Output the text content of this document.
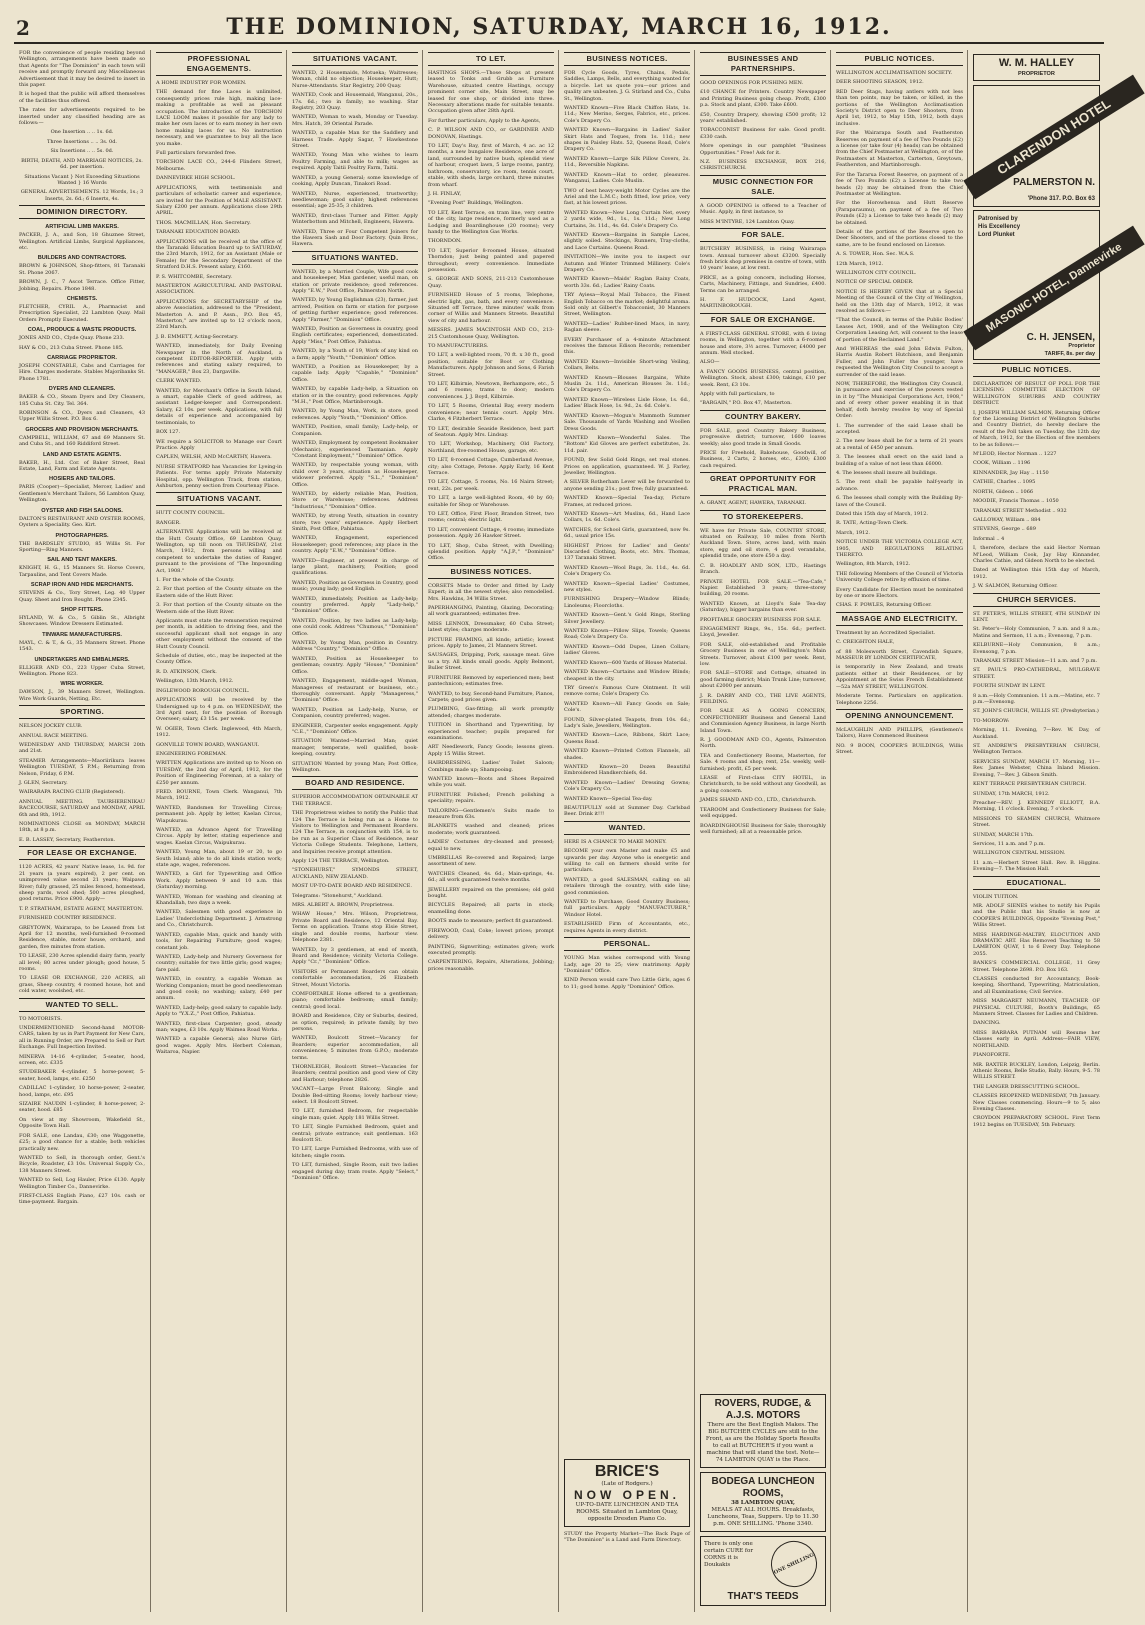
2	THE DOMINION, SATURDAY, MARCH 16, 1912.
FOR the convenience of people residing beyond Wellington, arrangements have been made so that Agents for "The Dominion" in each town will receive and promptly forward any Miscellaneous Advertisement that it may be desired to insert in this paper.
It is hoped that the public will afford themselves of the facilities thus offered.
The rates for advertisements required to be inserted under any classified heading are as follows:—
One Insertion .. .. 1s. 6d.
Three Insertions .. .. 3s. 0d.
Six Insertions .. .. 5s. 0d.
BIRTH, DEATH, AND MARRIAGE NOTICES, 2s. 6d. per insertion.
Situations Vacant } Not Exceeding Situations Wanted } 16 Words
GENERAL ADVERTISEMENTS. 12 Words, 1s.; 3 Inserts, 2s. 6d.; 6 Inserts, 4s.
DOMINION DIRECTORY.
ARTIFICIAL LIMB MAKERS.
PACKER, J. A., and Son, 18 Ghuznee Street, Wellington. Artificial Limbs, Surgical Appliances, etc.
BUILDERS AND CONTRACTORS.
BROWN & JOHNSON, Shop-fitters, 81 Taranaki St. Phone 2067.
BROWN, J. C., 7 Ascot Terrace. Office Fitter, Jobbing, Repairs. Phone 1848.
CHEMISTS.
FLETCHER, CYRIL A., Pharmacist and Prescription Specialist, 22 Lambton Quay. Mail Orders Promptly Executed.
COAL, PRODUCE & WASTE PRODUCTS.
JONES AND CO., Clyde Quay. Phone 233.
HAY & CO., 213 Cuba Street. Phone 185.
CARRIAGE PROPRIETOR.
JOSEPH CONSTABLE, Cabs and Carriages for Hire. Charges moderate. Stables Majoribanks St. Phone 1781.
DYERS AND CLEANERS.
BAKER & CO., Steam Dyers and Dry Cleaners, 185 Cuba St. City. Tel. 364.
ROBINSON & CO., Dyers and Cleaners, 43 Upper Willis Street. P.O. Box 6.
GROCERS AND PROVISION MERCHANTS.
CAMPBELL, WILLIAM, 67 and 69 Manners St. and Cuba St., and 160 Riddiford Street.
LAND AND ESTATE AGENTS.
BAKER, H., Ltd. Cor. of Baker Street, Real Estate, Land, Farm and Estate Agents.
HOSIERS AND TAILORS.
PARIS (Cooper)—Specialist, Mercer, Ladies' and Gentlemen's Merchant Tailors, 56 Lambton Quay, Wellington.
OYSTER AND FISH SALOONS.
DALTON'S RESTAURANT AND OYSTER ROOMS, Oysters a Speciality. Geo. Kirt.
PHOTOGRAPHERS.
THE BARDSLEY STUDIO, 85 Willis St. For Sporting—Ring Manners.
SAIL AND TENT MAKERS.
KNIGHT, H. G., 15 Manners St. Horse Covers, Tarpaulins, and Tent Covers Made.
SCRAP IRON AND HIDE MERCHANTS.
STEVENS & Co., Tory Street, Leg. 40 Upper Quay. Sheet and Iron Bought. Phone 2345.
SHOP FITTERS.
HYLAND, W. & Co., 5 Giblin St., Albright Showcases. Window Dressers Estimated.
TINWARE MANUFACTURERS.
MAYL, C. & T., & G., 35 Manners Street. Phone 1543.
UNDERTAKERS AND EMBALMERS.
ELLIGER AND CO., 223 Upper Cuba Street, Wellington. Phone 823.
WIRE WORKER.
DAWSON, J., 39 Manners Street, Wellington. Wire Work Guards, Netting, Etc.
SPORTING.
NELSON JOCKEY CLUB.
ANNUAL RACE MEETING.
WEDNESDAY AND THURSDAY, MARCH 20th and 21st.
STEAMER Arrangements—Maoriirikura leaves Wellington TUESDAY, 5 P.M.; Returning from Nelson, Friday, 6 P.M.
J. GLEN, Secretary.
WAIRARAPA RACING CLUB (Registered).
ANNUAL MEETING. TAURHERENIKAU RACECOURSE, SATURDAY and MONDAY, APRIL 6th and 8th, 1912.
NOMINATIONS CLOSE on MONDAY, MARCH 18th, at 8 p.m.
E. B. LASSEY, Secretary, Featherston.
FOR LEASE OR EXCHANGE.
1120 ACRES, 42 years' Native lease, 1s. 9d. for 21 years (a years expired), 2 per cent. on unimproved value second 21 years; Waipawa River; fully grassed, 25 miles fenced, homestead, sheep yards, wool shed; 500 acres ploughed, good returns. Price £900. Apply—
T. P. STRATHAM, ESTATE AGENT, MASTERTON.
FURNISHED COUNTRY RESIDENCE.
GREYTOWN, Wairarapa, to be Leased from 1st April for 12 months, well-furnished 9-roomed Residence, stable, motor house, orchard, and garden, five minutes from station.
TO LEASE, 230 Acres splendid dairy farm, yearly all level; 80 acres under plough; good house, 5 rooms.
TO LEASE OR EXCHANGE, 220 ACRES, all grass, Sheep country, 4 roomed house, hot and cold water, woolshed, etc.
WANTED TO SELL.
TO MOTORISTS.
UNDERMENTIONED Second-hand MOTOR-CARS, taken by us in Part Payment for New Cars, all in Running Order, are Prepared to Sell or Part Exchange. Full Inspection Invited.
MINERVA 14-16 4-cylinder, 5-seater, hood, screen, etc. £335
STUDEBAKER 4-cylinder, 5 horse-power, 5-seater, hood, lamps, etc. £250
CADILLAC 1-cylinder, 10 horse-power, 2-seater, hood, lamps, etc. £95
SIZAIRE NAUDIN 1-cylinder, 8 horse-power, 2-seater, hood. £85
On view at my Showroom, Wakefield St., Opposite Town Hall.
FOR SALE, one Landau, £30; one Waggonette, £25; a good chance for a stable; both vehicles practically new.
WANTED to Sell, in thorough order, Gent.'s Bicycle, Roadster, £3 10s. Universal Supply Co., 138 Manners Street.
WANTED to Sell, Log Hauler, Price £130. Apply Wellington Timber Co., Dannevirke.
FIRST-CLASS English Piano, £27 10s. cash or time-payment. Bargain.
PROFESSIONAL ENGAGEMENTS.
A HOME INDUSTRY FOR WOMEN.
THE demand for fine Laces is unlimited, consequently prices rule high, making lace-making a profitable as well as pleasant occupation. The introduction of the TORCHON LACE LOOM makes it possible for any lady to make her own laces or to earn money in her own home making laces for us. No instruction necessary, and we guarantee to buy all the lace you make.
Full particulars forwarded free.
TORCHON LACE CO., 244-6 Flinders Street, Melbourne.
DANNEVIRKE HIGH SCHOOL.
APPLICATIONS, with testimonials and particulars of scholastic career and experience, are invited for the Position of MALE ASSISTANT. Salary £200 per annum. Applications close 29th APRIL.
THOS. MACMILLAN, Hon. Secretary.
TARANAKI EDUCATION BOARD.
APPLICATIONS will be received at the office of the Taranaki Education Board up to SATURDAY, the 23rd March, 1912, for an Assistant (Male or Female) for the Secondary Department of the Stratford D.H.S. Present salary, £160.
P. S. WHITCOMBE, Secretary.
MASTERTON AGRICULTURAL AND PASTORAL ASSOCIATION.
APPLICATIONS for SECRETARYSHIP of the above Association, addressed to the "President, Masterton A. and P. Assn., P.O. Box 45, Masterton," are invited up to 12 o'clock noon, 23rd March.
J. B. EMMETT, Acting-Secretary.
WANTED, immediately, for Daily Evening Newspaper in the North of Auckland, a competent EDITOR-REPORTER. Apply with references and stating salary required, to "MANAGER," Box 23, Dargaville.
CLERK WANTED.
WANTED, for Merchant's Office in South Island, a smart, capable Clerk of good address, as assistant Ledger-keeper and Correspondent. Salary, £2 10s. per week. Applications, with full details of experience and accompanied by testimonials, to
BOX 127.
WE require a SOLICITOR to Manage our Court Practice. Apply
CAPLEN, WELSH, AND McCARTHY, Hawera.
NURSE STRATFORD has Vacancies for Lyeing-in Patients. For terms apply Private Maternity Hospital, opp. Wellington Track, from station, Ashburton, penny section from Courtenay Place.
SITUATIONS VACANT.
HUTT COUNTY COUNCIL.
RANGER.
ALTERNATIVE Applications will be received at the Hutt County Office, 69 Lambton Quay, Wellington, up till noon on THURSDAY, 21st March, 1912, from persons willing and competent to undertake the duties of Ranger, pursuant to the provisions of "The Impounding Act, 1908."
1. For the whole of the County.
2. For that portion of the County situate on the Eastern side of the Hutt River.
3. For that portion of the County situate on the Western side of the Hutt River.
Applicants must state the remuneration required per month, in addition to driving fees, and the successful applicant shall not engage in any other employment without the consent of the Hutt County Council.
Schedule of duties, etc., may be inspected at the County Office.
R. D. ATKINSON, Clerk.
Wellington, 13th March, 1912.
INGLEWOOD BOROUGH COUNCIL.
APPLICATIONS will be received by the Undersigned up to 4 p.m. on WEDNESDAY, the 3rd April next, for the position of Borough Overseer; salary, £3 15s. per week.
W. OGIER, Town Clerk. Inglewood, 4th March, 1912.
GONVILLE TOWN BOARD, WANGANUI.
ENGINEERING FOREMAN.
WRITTEN Applications are invited up to Noon on TUESDAY, the 2nd day of April, 1912, for the Position of Engineering Foreman, at a salary of £250 per annum.
FRED. BOURNE, Town Clerk. Wanganui, 7th March, 1912.
WANTED, Bandsmen for Travelling Circus; permanent job. Apply by letter, Kaelan Circus, Wiapukurau.
WANTED, an Advance Agent for Travelling Circus. Apply by letter, stating experience and wages. Kaelan Circus, Waipukurau.
WANTED, Young Man, about 19 or 20, to go South Island; able to do all kinds station work; state age, wages, references.
WANTED, a Girl for Typewriting and Office Work. Apply between 9 and 10 a.m. this (Saturday) morning.
WANTED, Woman for washing and cleaning at Khandallah, two days a week.
WANTED, Salesmen with good experience in Ladies' Underclothing Department. J. Armstrong and Co., Christchurch.
WANTED, capable Man, quick and handy with tools, for Repairing Furniture; good wages; constant job.
WANTED, Lady-help and Nursery Governess for country; suitable for two little girls; good wages; fare paid.
WANTED, in country, a capable Woman as Working Companion; must be good needlewoman and good cook; no washing; salary, £40 per annum.
WANTED, Lady-help; good salary to capable lady. Apply to "Y.X.Z.," Post Office, Pahiatua.
WANTED, first-class Carpenter; good, steady man; wages, £3 10s. Apply Waimea Road Works.
WANTED a capable General; also Nurse Girl; good wages. Apply Mrs. Herbert Coleman, Waitaroa, Napier.
SITUATIONS VACANT.
WANTED, 2 Housemaids, Motueka; Waitresses; Woman, child no objection; Housekeeper, Hutt; Nurse-Attendants. Star Registry, 200 Quay.
WANTED, Cook and Housemaid, Wanganui, 20s., 17s. 6d.; two in family; no washing. Star Registry, 203 Quay.
WANTED, Woman to wash, Monday or Tuesday. Mrs. Hatch, 39 Oriental Parade.
WANTED, a capable Man for the Saddlery and Harness Trade. Apply Sagar, 7 Hawkestone Street.
WANTED, Young Man who wishes to learn Poultry Farming, and able to milk; wages as required. Apply Taitii Poultry Farm, Taitii.
WANTED, a young General; some knowledge of cooking, Apply Duncan, Tinakori Road.
WANTED, Nurse, experienced, trustworthy; needlewoman; good sailor; highest references essential; age 25-35; 3 children.
WANTED, first-class Turner and Fitter. Apply Winterbottom and Mitchell, Engineers, Hawera.
WANTED, Three or Four Competent Joiners for the Hawera Sash and Door Factory. Quin Bros., Hawera.
SITUATIONS WANTED.
WANTED, by a Married Couple, Wife good cook and housekeeper, Man gardener, useful man, on station or private residence; good references. Apply "E.W.," Post Office, Palmerston North.
WANTED, by Young Englishman (23), farmer, just arrived, Position on farm or station for purpose of getting further experience; good references. Apply "Farmer," "Dominion" Office.
WANTED, Position as Governess in country, good English certificates; experienced, domesticated. Apply "Miss," Post Office, Pahiatua.
WANTED, by a Youth of 19, Work of any kind on a farm; apply "Youth," "Dominion" Office.
WANTED, a Position as Housekeeper, by a capable lady. Apply "Capable," "Dominion" Office.
WANTED, by capable Lady-help, a Situation on station or in the country; good references. Apply "M.H.," Post Office, Martinborough.
WANTED, by Young Man, Work, in store, good references. Apply "Youth," "Dominion" Office.
WANTED, Position, small family; Lady-help, or Companion.
WANTED, Employment by competent Bookmaker (Mechanic), experienced Tasmanian. Apply "Constant Employment," "Dominion" Office.
WANTED, by respectable young woman, with child over 3 years, situation as Housekeeper, widower preferred. Apply "S.L.," "Dominion" Office.
WANTED, by elderly reliable Man, Position, Store or Warehouse; references. Address "Industrious," "Dominion" Office.
WANTED, by strong Youth, situation in country store; two years' experience. Apply Herbert Smith, Post Office, Pahiatua.
WANTED, Engagement, experienced Housekeeper; good references; any place in the country. Apply "E.W.," "Dominion" Office.
WANTED—Engineer, at present in charge of large plant, machinery, Position; good qualifications.
WANTED, Position as Governess in Country, good music; young lady; good English.
WANTED, immediately, Position as Lady-help; country preferred. Apply "Lady-help," "Dominion" Office.
WANTED, Position, by two ladies as Lady-help; one could cook. Address "Chumous," "Dominion" Office.
WANTED, by Young Man, position in Country. Address "Country," "Dominion" Office.
WANTED, Position as Housekeeper to gentleman; country. Apply "House," "Dominion" Office.
WANTED, Engagement, middle-aged Woman, Manageress of restaurant or business, etc.; thoroughly conversant. Apply "Manageress," "Dominion" Office.
WANTED, Position as Lady-help, Nurse, or Companion, country preferred; wages.
ENGINEER, Carpenter seeks engagement. Apply "C.E.," "Dominion" Office.
SITUATION Wanted—Married Man; quiet manager, temperate, well qualified, book-keeping, country.
SITUATION Wanted by young Man; Post Office, Wellington.
BOARD AND RESIDENCE.
SUPERIOR ACCOMMODATION OBTAINABLE AT THE TERRACE.
THE Proprietress wishes to notify the Public that 124 The Terrace is being run as a Home to Visitors to Wellington and Permanent Boarders. 124 The Terrace, in conjunction with 154, is to be run as a Superior Class of Residence, near Victoria College Students. Telephone, Letters, and Inquiries receive prompt attention.
Apply 124 THE TERRACE, Wellington.
"STONEHURST," SYMONDS STREET, AUCKLAND, NEW ZEALAND.
MOST UP-TO-DATE BOARD AND RESIDENCE.
Telegrams: "Stonehurst," Auckland.
MRS. ALBERT A. BROWN, Proprietress.
WHAW House," Mrs. Wilson, Proprietress, Private Board and Residence, 12 Oriental Bay. Terms on application. Trams stop Elsie Street, single and double rooms, harbour view. Telephone 2381.
WANTED, by 3 gentlemen, at end of month, Board and Residence; vicinity Victoria College. Apply "Cr.," "Dominion" Office.
VISITORS or Permanent Boarders can obtain comfortable accommodation, 26 Elizabeth Street, Mount Victoria.
COMFORTABLE Home offered to a gentleman; piano; comfortable bedroom; small family; central; good local.
BOARD and Residence, City or Suburbs, desired, as option, required; in private family, by two persons.
WANTED, Boulcott Street—Vacancy for Boarders; superior accommodation, all conveniences; 5 minutes from G.P.O.; moderate terms.
THORNLEIGH, Boulcott Street—Vacancies for Boarders; central position and good view of City and Harbour; telephone 2826.
VACANT—Large Front Balcony, Single and Double Bed-sitting Rooms; lovely harbour view; select. 18 Boulcott Street.
TO LET, furnished Bedroom, for respectable single man; quiet. Apply 181 Willis Street.
TO LET, Single Furnished Bedroom, quiet and central; private entrance; suit gentleman. 163 Boulcott St.
TO LET, Large Furnished Bedrooms, with use of kitchen; single room.
TO LET, furnished, Single Room, suit two ladies engaged during day; tram route. Apply "Select," "Dominion" Office.
TO LET.
HASTINGS SHOPS.—Those Shops at present leased to Tonks and Grubb as Furniture Warehouse, situated centre Hastings, occupy prominent corner site, Main Street, may be leased for one shop, or divided into three. Necessary alterations made for suitable tenants. Occupation given after 28th April.
For further particulars, Apply to the Agents,
C. P. WILSON AND CO., or GARDINER AND DONOVAN, Hastings.
TO LET, Day's Bay, first of March, 4 ac. ac 12 months, a new bungalow Residence, one acre of land, surrounded by native bush, splendid view of harbour, croquet lawn, 5 large rooms, pantry, bathroom, conservatory, ice room, tennis court, stable, with sheds, large orchard, three minutes from wharf.
J. H. FINLAY,
"Evening Post" Buildings, Wellington.
TO LET, Kent Terrace, on tram line, very centre of the city, large residence, formerly used as a Lodging and Boardinghouse (20 rooms); very handy to the Wellington Gas Works.
THORNDON.
TO LET, Superior 8-roomed House, situated Thorndon; just being painted and papered throughout; every convenience. Immediate possession.
S. GEORGE AND SONS, 211-213 Customhouse Quay.
FURNISHED House of 5 rooms, Telephone, electric light, gas, bath, and every convenience. Situated off Terrace, three minutes' walk from corner of Willis and Manners Streets. Beautiful view of city and harbour.
MESSRS. JAMES MACINTOSH AND CO., 213-215 Customhouse Quay, Wellington.
TO MANUFACTURERS.
TO LET, a well-lighted room, 70 ft. x 30 ft., good position, suitable for Boot or Clothing Manufacturers. Apply Johnson and Sons, 6 Farish Street.
TO LET, Kilbirnie, Newtown, Berhampore, etc., 5 and 6 rooms; trams to door; modern conveniences. J. J. Boyd, Kilbirnie.
TO LET, 5 Rooms, Oriental Bay, every modern convenience; near tennis court. Apply Mrs. Clarke, 4 Fitzherbert Terrace.
TO LET, desirable Seaside Residence, best part of Seatoun. Apply Mrs. Lindsay.
TO LET, Workshop, Machinery, Old Factory, Northland, five-roomed House, garage, etc.
TO LET, 8-roomed Cottage, Cumberland Avenue, city; also Cottage, Petone. Apply Early, 16 Kent Terrace.
TO LET, Cottage, 5 rooms, No. 16 Nairn Street; rent, 22s. per week.
TO LET, a large well-lighted Room, 40 by 60; suitable for Shop or Warehouse.
TO LET, Office, First Floor, Brandon Street, two rooms; central; electric light.
TO LET, convenient Cottage, 4 rooms; immediate possession. Apply 26 Hawker Street.
TO LET, Shop, Cuba Street, with Dwelling; splendid position. Apply "A.J.P.," "Dominion" Office.
BUSINESS NOTICES.
CORSETS Made to Order and fitted by Lady Expert; in all the newest styles; also remodelled. Mrs. Hawkins, 34 Willis Street.
PAPERHANGING, Painting, Glazing, Decorating; all work guaranteed; estimates free.
MISS LENNOX, Dressmaker, 60 Cuba Street; latest styles; charges moderate.
PICTURE FRAMING, all kinds; artistic; lowest prices. Apply to James, 21 Manners Street.
SAUSAGES, Dripping, Pork, sausage meat. Give us a try. All kinds small goods. Apply Belmont, Buller Street.
FURNITURE Removed by experienced men; best pantechnicon; estimates free.
WANTED, to buy, Second-hand Furniture, Pianos, Carpets; good prices given.
PLUMBING, Gas-fitting; all work promptly attended; charges moderate.
TUITION in Shorthand and Typewriting, by experienced teacher; pupils prepared for examinations.
ART Needlework, Fancy Goods; lessons given. Apply 15 Willis Street.
HAIRDRESSING, Ladies' Toilet Saloon; Combings made up; Shampooing.
WANTED known—Boots and Shoes Repaired while you wait.
FURNITURE Polished; French polishing a speciality; repairs.
TAILORING—Gentlemen's Suits made to measure from 63s.
BLANKETS washed and cleaned; prices moderate; work guaranteed.
LADIES' Costumes dry-cleaned and pressed; equal to new.
UMBRELLAS Re-covered and Repaired; large assortment of new.
WATCHES Cleaned, 4s. 6d.; Main-springs, 4s. 6d.; all work guaranteed twelve months.
JEWELLERY repaired on the premises; old gold bought.
BICYCLES Repaired; all parts in stock; enamelling done.
BOOTS made to measure; perfect fit guaranteed.
FIREWOOD, Coal, Coke; lowest prices; prompt delivery.
PAINTING, Signwriting; estimates given; work executed promptly.
CARPENTERING, Repairs, Alterations, Jobbing; prices reasonable.
BUSINESS NOTICES.
FOR Cycle Goods, Tyres, Chains, Pedals, Saddles, Lamps, Bells, and everything wanted for a bicycle. Let us quote you—our prices and quality are unbeaten. J. G. Stirland and Co., Cuba St., Wellington.
WANTED Known—Five Black Chiffon Hats, 1s. 11d.; New Merino, Serges, Fabrics, etc., prices. Cole's Drapery Co.
WANTED Known—Bargains in Ladies' Sailor Skirt Hats and Toques, from 1s. 11d.; new shapes in Paisley Hats. 52, Queens Road, Cole's Drapery Co.
WANTED Known—Large Silk Pillow Covers, 2s. 11d., Reversible Napkins.
WANTED Known—Hat to order, pleasures. Wanganui, Ladies. Colo Muslin.
TWO of best heavy-weight Motor Cycles are the Ariel and the L.M.C.; both fitted, low price, very fast, at his lowest prices.
WANTED Known—New Long Curtain Net, every 2 yards wide, 9d., 1s., 1s. 11d.; New Long Curtains, 3s. 11d., 4s. 6d. Cole's Drapery Co.
WANTED Known—Bargains in Sample Laces, slightly soiled. Stockings, Runners, Tray-cloths, and Lace Curtains. Queens Road.
INVITATION—We invite you to inspect our Autumn and Winter Trimmed Millinery. Cole's Drapery Co.
WANTED Known—Maids' Raglan Rainy Coats, worth 33s. 6d.; Ladies' Rainy Coats.
TRY Ayiesa—Royal Mail Tobacco, the Finest English Tobacco on the market; delightful aroma. Sold only at Gilbert's Tobacconist, 30 Manners Street, Wellington.
WANTED—Ladies' Rubber-lined Macs, in navy, Raglan sleeve.
EVERY Purchaser of a 4-minute Attachment receives the famous Edison Records; remember this.
WANTED Known—Invisible Short-wing Veiling, Collars, Belts.
WANTED Known—Blouses Bargains, White Muslin 2s. 11d., American Blouses 3s. 11d.; Cole's Drapery Co.
WANTED Known—Wireless Lisle Hose, 1s. 6d., Ladies' Black Hose, 1s. 9d., 2s. 6d. Cole's.
WANTED Known—Mogun's Mammoth Summer Sale. Thousands of Yards Washing and Woollen Dress Goods.
WANTED Known—Wonderful Sales. The "Bottom" Kid Gloves are perfect substitutes, 2s. 11d. pair.
FOUND, few Solid Gold Rings, set real stones. Prices on application, guaranteed. W. J. Farley, Jeweller, Wellington.
A SILVER Rotherham Lever will be forwarded to anyone sending 21s.; post free; fully guaranteed.
WANTED Known—Special Tea-day, Picture Frames, at reduced prices.
WANTED Known—Art Muslins, 6d., Hand Lace Collars, 1s. 6d. Cole's.
WATCHES, for School Girls, guaranteed, now 9s. 6d., usual price 15s.
HIGHEST Prices for Ladies' and Gents' Discarded Clothing, Boots, etc. Mrs. Thomas, 137 Taranaki Street.
WANTED Known—Wool Rugs, 3s. 11d., 4s. 6d. Cole's Drapery Co.
WANTED Known—Special Ladies' Costumes, new styles.
FURNISHING Drapery—Window Blinds; Linoleums; Floorcloths.
WANTED Known—Gent.'s Gold Rings, Sterling Silver Jewellery.
WANTED Known—Pillow Slips, Towels; Queens Road; Cole's Drapery Co.
WANTED Known—Odd Dupes, Linen Collars; ladies' Gloves.
WANTED Known—600 Yards of Blouse Material.
WANTED Known—Curtains and Window Blinds; cheapest in the city.
TRY Green's Famous Cure Ointment. It will remove corns; Cole's Drapery Co.
WANTED Known—All Fancy Goods on Sale; Cole's.
FOUND, Silver-plated Teapots, from 10s. 6d.; Lady's Sale, Jewellers, Wellington.
WANTED Known—Lace, Ribbons, Skirt Lace; Queens Road.
WANTED Known—Printed Cotton Flannels, all shades.
WANTED Known—20 Dozen Beautiful Embroidered Handkerchiefs, 6d.
WANTED Known—Ladies' Dressing Gowns; Cole's Drapery Co.
WANTED Known—Special Tea-day.
BEAUTIFULLY sold at Summer Day. Carlsbad Beer. Drink it!!!
WANTED.
HERE IS A CHANCE TO MAKE MONEY.
BECOME your own Master and make £5 and upwards per day. Anyone who is energetic and willing to call on farmers should write for particulars.
WANTED, a good SALESMAN, calling on all retailers through the country, with side line; good commission.
WANTED to Purchase, Good Country Business; full particulars. Apply "MANUFACTURER," Windsor Hotel.
ESTABLISHED Firm of Accountants, etc., requires Agents in every district.
PERSONAL.
YOUNG Man wishes correspond with Young Lady, age 20 to 25; view matrimony. Apply "Dominion" Office.
KIND Person would care Two Little Girls, ages 6 to 11; good home. Apply "Dominion" Office.
BRICE'S
(Late of Rodgers.)
NOW OPEN.
UP-TO-DATE LUNCHEON AND TEA ROOMS. Situated in Lambton Quay, opposite Dresden Piano Co.
STUDY the Property Market—The Back Page of "The Dominion" is a Land and Farm Directory.
BUSINESSES AND PARTNERSHIPS.
GOOD OPENINGS FOR PUSHING MEN.
£10 CHANCE for Printers. Country Newspaper and Printing Business going cheap. Profit, £300 p.a. Stock and plant, £300. Take £600.
£50, Country Drapery, showing £500 profit; 12 years' established.
TOBACCONIST Business for sale. Good profit. £330 cash.
More openings in our pamphlet "Business Opportunities." Free! Ask for it.
N.Z. BUSINESS EXCHANGE, BOX 216, CHRISTCHURCH.
MUSIC CONNECTION FOR SALE.
A GOOD OPENING is offered to a Teacher of Music. Apply, in first instance, to
MISS M'INTYRE, 124 Lambton Quay.
FOR SALE.
BUTCHERY BUSINESS, in rising Wairarapa town. Annual turnover about £3200. Specially fresh brick shop premises in centre of town, with 10 years' lease, at low rent.
PRICE, as a going concern, including Horses, Carts, Machinery, Fittings, and Sundries, £400. Terms can be arranged.
H. F. HUDCOCK, Land Agent, MARTINBOROUGH.
FOR SALE OR EXCHANGE.
A FIRST-CLASS GENERAL STORE, with 6 living rooms, in Wellington, together with a 6-roomed house and store, 3½ acres. Turnover, £4000 per annum. Well stocked.
ALSO—
A FANCY GOODS BUSINESS, central position, Wellington. Stock, about £300; takings, £10 per week. Rent, £3 10s.
Apply with full particulars, to
"BARGAIN," P.O. Box 47, Masterton.
COUNTRY BAKERY.
FOR SALE, good Country Bakery Business, progressive district; turnover, 1600 loaves weekly; also good trade in Small Goods.
PRICE for Freehold, Bakehouse, Goodwill, of Business, 2 Carts, 2 horses, etc., £300; £300 cash required.
GREAT OPPORTUNITY FOR PRACTICAL MAN.
A. GRANT, AGENT, HAWERA, TARANAKI.
TO STOREKEEPERS.
WE have for Private Sale, COUNTRY STORE, situated on Railway, 10 miles from North Auckland Town. Store, acres land, with main store, egg and oil store, 4 good verandahs, splendid trade, one store £50 a day.
C. B. HOADLEY AND SON, LTD., Hastings Branch.
PRIVATE HOTEL FOR SALE.—"Tea-Cafe," Napier. Established 3 years; three-storey building, 20 rooms.
WANTED Known, at Lloyd's Sale Tea-day (Saturday), bigger bargains than ever.
PROFITABLE GROCERY BUSINESS FOR SALE.
ENGAGEMENT Rings, 9s., 15s. 6d.; perfect. Lloyd, Jeweller.
FOR SALE, old-established and Profitable Grocery Business in one of Wellington's Main Streets. Turnover, about £100 per week. Rent, low.
FOR SALE—STORE and Cottage, situated in good farming district; Main Trunk Line; turnover, about £2000 per annum.
J. R. DARBY AND CO., THE LIVE AGENTS, FEILDING.
FOR SALE AS A GOING CONCERN, CONFECTIONERY Business and General Land and Commission Agency Business, in large North Island Town.
R. J. GOODMAN AND CO., Agents, Palmerston North.
TEA and Confectionery Rooms, Masterton, for Sale. 4 rooms and shop; rent, 25s. weekly, well-furnished; profit, £5 per week.
LEASE of First-class CITY HOTEL, in Christchurch, to be sold without any Goodwill, as a going concern.
JAMES SHAND AND CO., LTD., Christchurch.
TEAROOM and Confectionery Business for Sale; well equipped.
BOARDINGHOUSE Business for Sale; thoroughly well furnished; all at a reasonable price.
ROVERS, RUDGE, & A.J.S. MOTORS
There are the Best English Makes. The BIG BUTCHER CYCLES are still to the Front, as are the Holiday Sports Results to call at BUTCHER'S if you want a machine that will stand the test. Note—74 LAMBTON QUAY is the Place.
BODEGA LUNCHEON ROOMS,
38 LAMBTON QUAY,
MEALS AT ALL HOURS. Breakfasts, Luncheons, Teas, Suppers. Up to 11.30 p.m. ONE SHILLING. 'Phone 3340.
There is only one certain CURE for CORNS it is Doukakis	ONE SHILLING
THAT'S TEEDS
PUBLIC NOTICES.
WELLINGTON ACCLIMATISATION SOCIETY.
DEER SHOOTING SEASON, 1912.
RED Deer Stags, having antlers with not less than ten points, may be taken, or killed, in the portions of the Wellington Acclimatisation Society's District open to Deer Shooters, from April 1st, 1912, to May 15th, 1912, both days inclusive.
For the Wairarapa South and Featherston Reserves on payment of a fee of Two Pounds (£2) a license (or take four (4) heads) can be obtained from the Chief Postmaster at Wellington, or of the Postmasters at Masterton, Carterton, Greytown, Featherston, and Martinborough.
For the Tararua Forest Reserve, on payment of a fee of Two Pounds (£2) a License to take two heads (2) may be obtained from the Chief Postmaster at Wellington.
For the Horowhenua and Hutt Reserve (Paraparaumu), on payment of a fee of Two Pounds (£2) a License to take two heads (2) may be obtained.
Details of the portions of the Reserve open to Deer Shooters, and of the portions closed to the same, are to be found enclosed on License.
A. S. TOWER, Hon. Sec. W.A.S.
12th March, 1912.
WELLINGTON CITY COUNCIL.
NOTICE OF SPECIAL ORDER.
NOTICE IS HEREBY GIVEN that at a Special Meeting of the Council of the City of Wellington, held on the 13th day of March, 1912, it was resolved as follows:—
"That the Council, in terms of the Public Bodies' Leases Act, 1908, and of the Wellington City Corporation Leasing Act, will consent to the lease of portion of the Reclaimed Land."
And WHEREAS the said John Edwin Fulton, Harris Austin Robert Hutchison, and Benjamin Fuller, and John Fuller the younger, have requested the Wellington City Council to accept a surrender of the said lease.
NOW, THEREFORE, the Wellington City Council, in pursuance and exercise of the powers vested in it by "The Municipal Corporations Act, 1908," and of every other power enabling it in that behalf, doth hereby resolve by way of Special Order:
1. The surrender of the said Lease shall be accepted.
2. The new lease shall be for a term of 21 years at a rental of £450 per annum.
3. The lessees shall erect on the said land a building of a value of not less than £6000.
4. The lessees shall insure all buildings.
5. The rent shall be payable half-yearly in advance.
6. The lessees shall comply with the Building By-laws of the Council.
Dated this 15th day of March, 1912.
R. TATE, Acting-Town Clerk.
March, 1912.
NOTICE UNDER THE VICTORIA COLLEGE ACT, 1905, AND REGULATIONS RELATING THERETO.
Wellington, 8th March, 1912.
THE following Members of the Council of Victoria University College retire by effluxion of time.
Every Candidate for Election must be nominated by one or more Electors.
CHAS. F. POWLES, Returning Officer.
MASSAGE AND ELECTRICITY.
Treatment by an Accredited Specialist.
C. CREIGHTON HALE,
of 88 Molesworth Street, Cavendish Square, MASSEUR BY LONDON CERTIFICATE,
is temporarily in New Zealand, and treats patients either at their Residences, or by Appointment at the Swiss French Establishment—52a MAY STREET, WELLINGTON.
Moderate Terms. Particulars on application. Telephone 2256.
OPENING ANNOUNCEMENT.
McLAUGHLIN AND PHILLIPS, (Gentlemen's Tailors), Have Commenced Business
NO. 9 BOON, COOPER'S BUILDINGS, Willis Street.
W. M. HALLEY
PROPRIETOR
CLARENDON HOTEL
PALMERSTON N.
'Phone 317. P.O. Box 63
Patronised by
His Excellency
Lord Plunket
MASONIC HOTEL, Dannevirke
C. H. JENSEN,
Proprietor
TARIFF, 8s. per day
PUBLIC NOTICES.
DECLARATION OF RESULT OF POLL FOR THE LICENSING COMMITTEE ELECTION OF WELLINGTON SUBURBS AND COUNTRY DISTRICT.
I, JOSEPH WILLIAM SALMON, Returning Officer for the Licensing District of Wellington Suburbs and Country District, do hereby declare the result of the Poll taken on Tuesday, the 12th day of March, 1912, for the Election of five members to be as follows:—
M'LEOD, Hector Norman .. 1227
COOK, William .. 1196
KINNANDER, Jay Hay .. 1150
CATHIE, Charles .. 1095
NORTH, Gideon .. 1066
MOODIE, Francis Thomas .. 1050
TARANAKI STREET Methodist .. 932
GALLOWAY, William .. 884
STEVENS, George .. 689
Informal .. 4
I, therefore, declare the said Hector Norman M'Leod, William Cook, Jay Hay Kinnander, Charles Cathie, and Gideon North to be elected.
Dated at Wellington this 15th day of March, 1912.
J. W. SALMON, Returning Officer.
CHURCH SERVICES.
ST. PETER'S, WILLIS STREET, 4TH SUNDAY IN LENT.
St. Peter's—Holy Communion, 7 a.m. and 8 a.m.; Matins and Sermon, 11 a.m.; Evensong, 7 p.m.
KELBURNE—Holy Communion, 8 a.m.; Evensong, 7 p.m.
TARANAKI STREET Mission—11 a.m. and 7 p.m.
ST. PAUL'S PRO-CATHEDRAL, MULGRAVE STREET.
FOURTH SUNDAY IN LENT.
8 a.m.—Holy Communion. 11 a.m.—Matins, etc. 7 p.m.—Evensong.
ST. JOHN'S CHURCH, WILLIS ST. (Presbyterian.)
TO-MORROW:
Morning, 11. Evening, 7—Rev. W. Day, of Auckland.
ST. ANDREW'S PRESBYTERIAN CHURCH, Wellington Terrace.
SERVICES SUNDAY, MARCH 17. Morning, 11—Rev. James Webster, China Inland Mission. Evening, 7—Rev. J. Gibson Smith.
KENT TERRACE PRESBYTERIAN CHURCH.
SUNDAY, 17th MARCH, 1912.
Preacher—REV. J. KENNEDY ELLIOTT, B.A. Morning, 11 o'clock. Evening, 7 o'clock.
MISSIONS TO SEAMEN CHURCH, Whitmore Street.
SUNDAY, MARCH 17th.
Services, 11 a.m. and 7 p.m.
WELLINGTON CENTRAL MISSION.
11 a.m.—Herbert Street Hall. Rev. B. Higgins. Evening—7. The Mission Hall.
EDUCATIONAL.
VIOLIN TUITION.
MR. ADOLF SIENES wishes to notify his Pupils and the Public that his Studio is now at COOPER'S BUILDINGS, Opposite "Evening Post," Willis Street.
MISS HARDINGE-MALTBY, ELOCUTION AND DRAMATIC ART. Has Removed Teaching to 58 LAMBTON QUAY, 1 to 6 Every Day. Telephone 2055.
BANKS'S COMMERCIAL COLLEGE, 11 Grey Street. Telephone 2698. P.O. Box 163.
CLASSES conducted for Accountancy, Book-keeping, Shorthand, Typewriting, Matriculation, and all Examinations; Civil Service.
MISS MARGARET NEUMANN, TEACHER OF PHYSICAL CULTURE, Booth's Buildings, 65 Manners Street. Classes for Ladies and Children.
DANCING.
MISS BARBARA PUTNAM will Resume her Classes early in April. Address—FAIR VIEW, NORTHLAND.
PIANOFORTE.
MR. BAXTER BUCKLEY, London, Leipzig, Berlin. Athenic Rooms, Belle Studio, Bally. Hours, 9-5. 78 WILLIS STREET.
THE LANGER DRESSCUTTING SCHOOL.
CLASSES REOPENED WEDNESDAY, 7th January. New Classes commencing. Hours—9 to 5; also Evening Classes.
CROYDON PREPARATORY SCHOOL. First Term 1912 begins on TUESDAY, 5th February.
